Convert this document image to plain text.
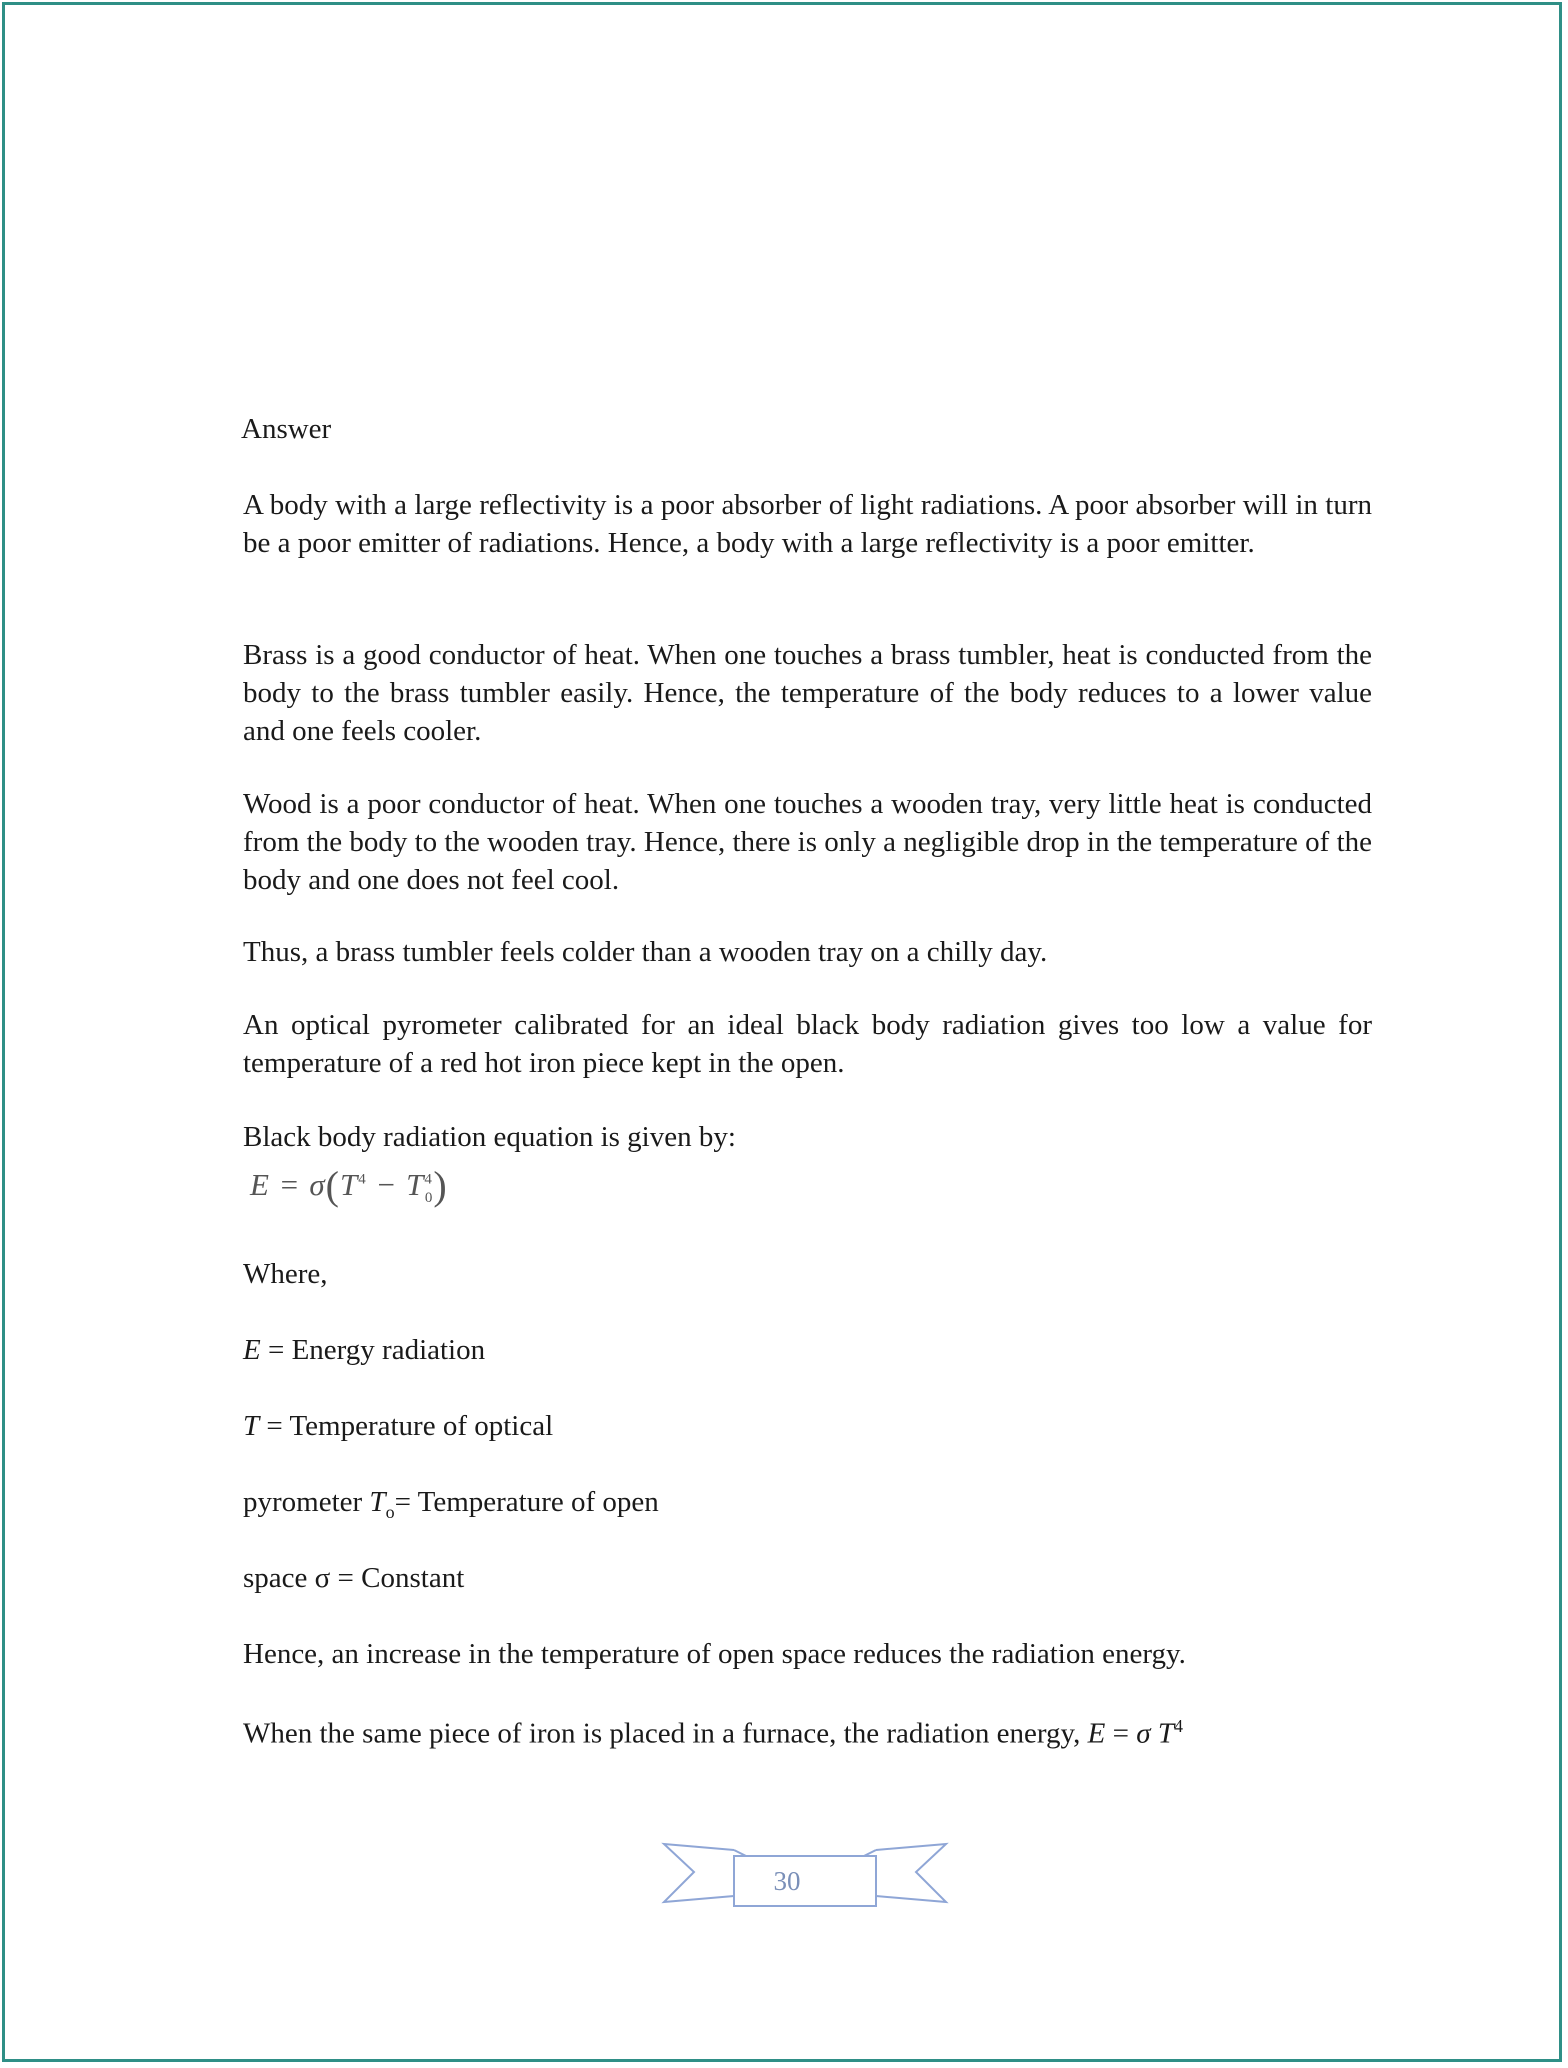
Answer

A body with a large reflectivity is a poor absorber of light radiations. A poor absorber will in turn be a poor emitter of radiations. Hence, a body with a large reflectivity is a poor emitter.

Brass is a good conductor of heat. When one touches a brass tumbler, heat is conducted from the body to the brass tumbler easily. Hence, the temperature of the body reduces to a lower value and one feels cooler.

Wood is a poor conductor of heat. When one touches a wooden tray, very little heat is conducted from the body to the wooden tray. Hence, there is only a negligible drop in the temperature of the body and one does not feel cool.

Thus, a brass tumbler feels colder than a wooden tray on a chilly day.

An optical pyrometer calibrated for an ideal black body radiation gives too low a value for temperature of a red hot iron piece kept in the open.

Black body radiation equation is given by:

$E = \sigma(T^4 - T^4_0)$

Where,

E = Energy radiation

T = Temperature of optical

pyrometer $T_o=$ Temperature of open

space σ = Constant

Hence, an increase in the temperature of open space reduces the radiation energy.

When the same piece of iron is placed in a furnace, the radiation energy, E = σ $T^4$

30
